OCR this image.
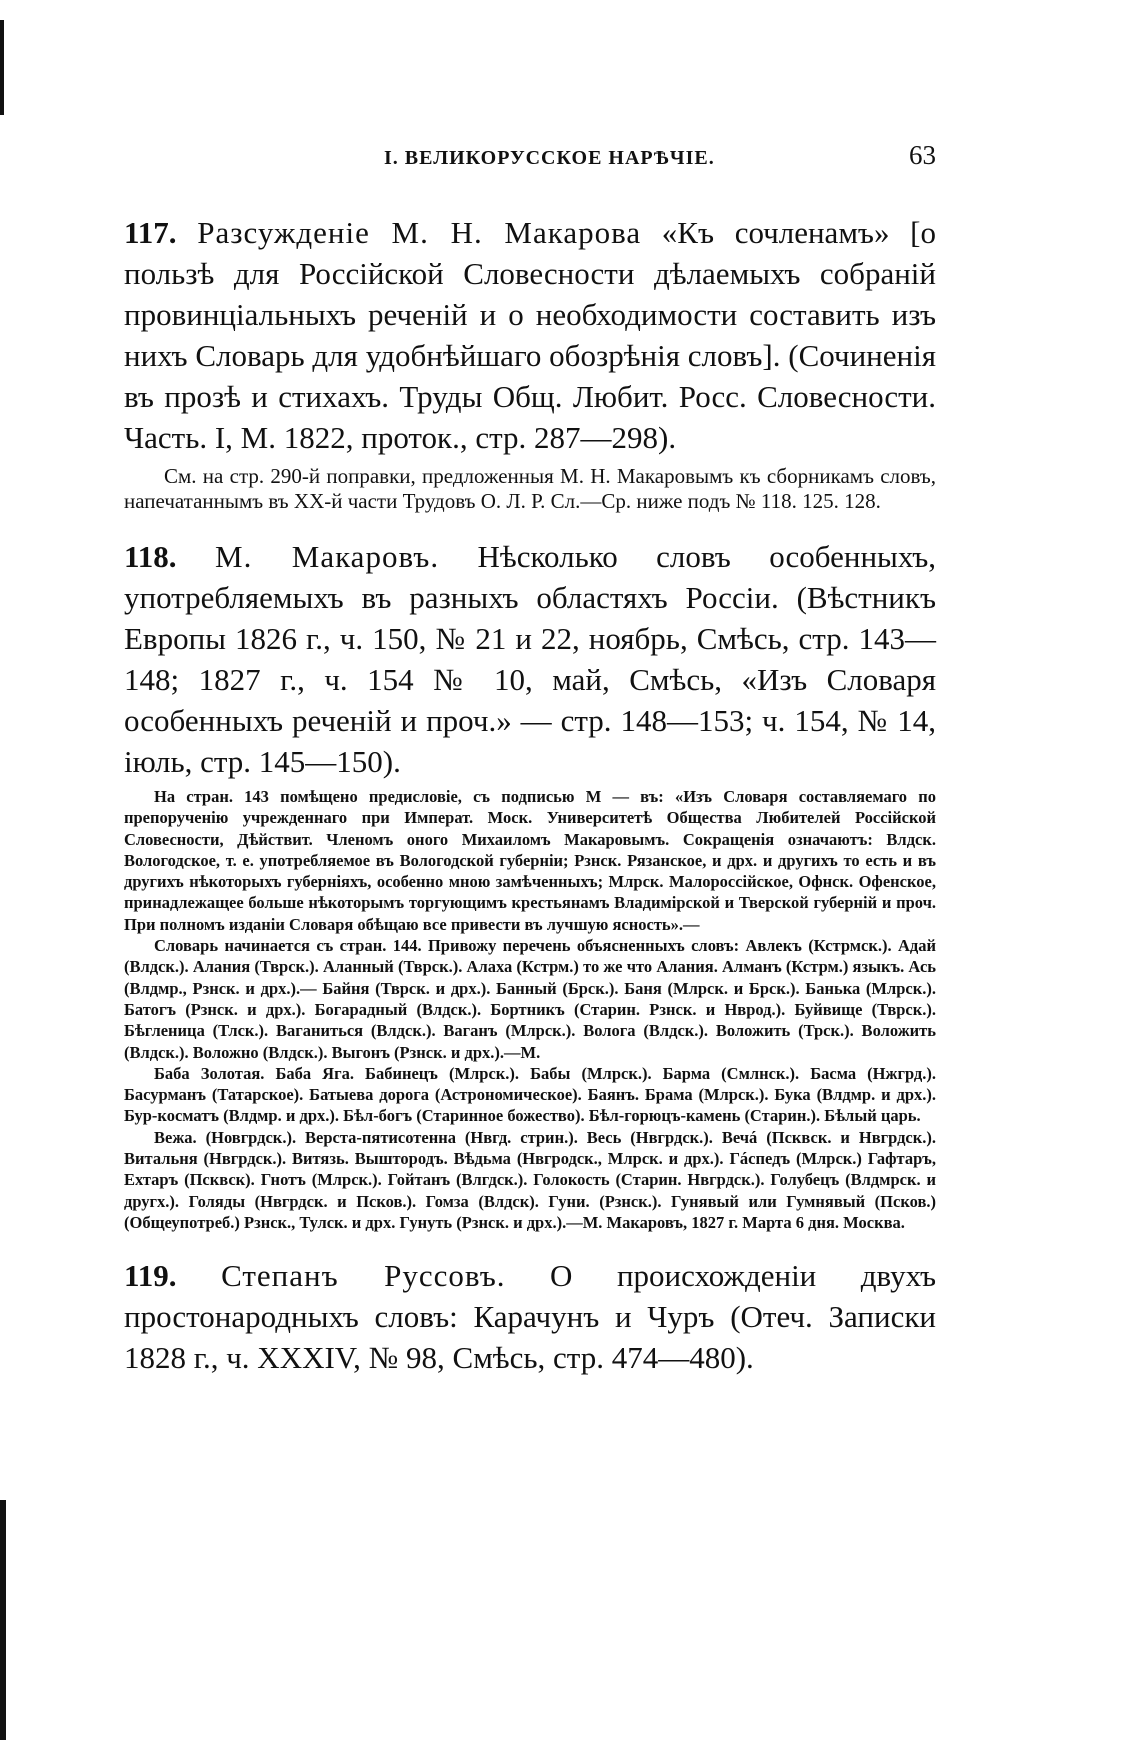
I. ВЕЛИКОРУССКОЕ НАРѢЧІЕ.	63

117. Разсужденіе М. Н. Макарова «Къ сочленамъ» [о пользѣ для Россійской Словесности дѣлаемыхъ собраній провинціальныхъ реченій и о необходимости составить изъ нихъ Словарь для удобнѣйшаго обозрѣнія словъ]. (Сочиненія въ прозѣ и стихахъ. Труды Общ. Любит. Росс. Словесности. Часть. I, М. 1822, проток., стр. 287—298).

См. на стр. 290-й поправки, предложенныя М. Н. Макаровымъ къ сборникамъ словъ, напечатаннымъ въ XX-й части Трудовъ О. Л. Р. Сл.—Ср. ниже подъ № 118. 125. 128.

118. М. Макаровъ. Нѣсколько словъ особенныхъ, употребляемыхъ въ разныхъ областяхъ Россіи. (Вѣстникъ Европы 1826 г., ч. 150, № 21 и 22, ноябрь, Смѣсь, стр. 143—148; 1827 г., ч. 154 № 10, май, Смѣсь, «Изъ Словаря особенныхъ реченій и проч.» — стр. 148—153; ч. 154, № 14, іюль, стр. 145—150).

На стран. 143 помѣщено предисловіе, съ подписью М — въ: «Изъ Словаря составляемаго по препорученію учрежденнаго при Императ. Моск. Университетѣ Общества Любителей Россійской Словесности, Дѣйствит. Членомъ оного Михаиломъ Макаровымъ. Сокращенія означаютъ: Влдск. Вологодское, т. е. употребляемое въ Вологодской губерніи; Рзнск. Рязанское, и дрх. и другихъ то есть и въ другихъ нѣкоторыхъ губерніяхъ, особенно мною замѣченныхъ; Млрск. Малороссійское, Офнск. Офенское, принадлежащее больше нѣкоторымъ торгующимъ крестьянамъ Владимірской и Тверской губерній и проч. При полномъ изданіи Словаря обѣщаю все привести въ лучшую ясность».—

Словарь начинается съ стран. 144. Привожу перечень объясненныхъ словъ: Авлекъ (Кстрмск.). Адай (Влдск.). Алания (Тврск.). Аланный (Тврск.). Алаха (Кстрм.) то же что Алания. Алманъ (Кстрм.) языкъ. Ась (Влдмр., Рзнск. и дрх.).— Байня (Тврск. и дрх.). Банный (Брск.). Баня (Млрск. и Брск.). Банька (Млрск.). Батогъ (Рзнск. и дрх.). Богарадный (Влдск.). Бортникъ (Старин. Рзнск. и Нврод.). Буйвище (Тврск.). Бѣгленица (Тлск.). Ваганиться (Влдск.). Ваганъ (Млрск.). Вологa (Влдск.). Воложить (Трск.). Воложить (Влдск.). Воложно (Влдск.). Выгонъ (Рзнск. и дрх.).—М.

Баба Золотая. Баба Яга. Бабинецъ (Млрск.). Бабы (Млрск.). Барма (Смлнск.). Басма (Нжгрд.). Басурманъ (Татарское). Батыева дорога (Астрономическое). Баянъ. Брама (Млрск.). Бука (Влдмр. и дрх.). Бур-косматъ (Влдмр. и дрх.). Бѣл-богъ (Старинное божество). Бѣл-горюцъ-камень (Старин.). Бѣлый царь.

Вежа. (Новгрдск.). Верста-пятисотенна (Нвгд. стрин.). Весь (Нвгрдск.). Вечá (Псквск. и Нвгрдск.). Витальня (Нвгрдск.). Витязь. Выштородъ. Вѣдьма (Нвгродск., Млрск. и дрх.). Гáспедъ (Млрск.) Гафтаръ, Ехтаръ (Псквск). Гнотъ (Млрск.). Гойтанъ (Влгдск.). Голокость (Старин. Нвгрдск.). Голубецъ (Влдмрск. и другх.). Голяды (Нвгрдск. и Псков.). Гомзa (Влдск). Гуни. (Рзнск.). Гунявый или Гумнявый (Псков.) (Общеупотреб.) Рзнск., Тулск. и дрх. Гунуть (Рзнск. и дрх.).—М. Макаровъ, 1827 г. Марта 6 дня. Москва.

119. Степанъ Руссовъ. О происхожденіи двухъ простонародныхъ словъ: Карачунъ и Чуръ (Отеч. Записки 1828 г., ч. XXXIV, № 98, Смѣсь, стр. 474—480).
